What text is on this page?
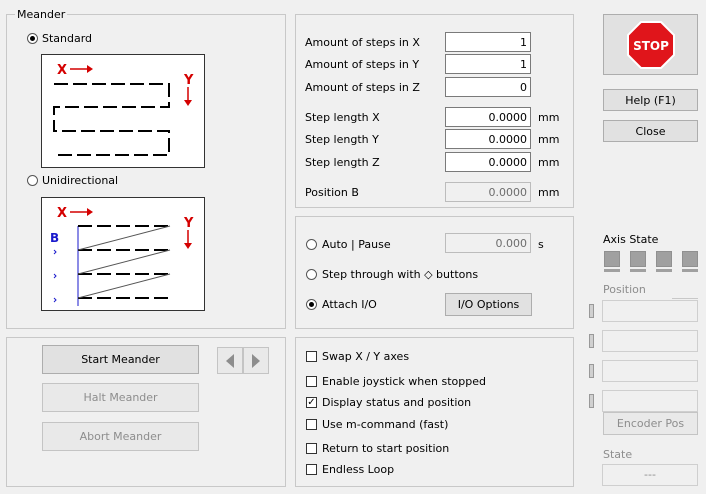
Meander
Standard
X
Y
Unidirectional
X
Y
B
Amount of steps in X	1
Amount of steps in Y	1
Amount of steps in Z	0
Step length X	0.0000	mm
Step length Y	0.0000	mm
Step length Z	0.0000	mm
Position B	0.0000	mm
Auto | Pause	0.000	s
Step through with ◇ buttons
Attach I/O	I/O Options
Start Meander
Halt Meander
Abort Meander
Swap X / Y axes
Enable joystick when stopped
✓ Display status and position
Use m-command (fast)
Return to start position
Endless Loop
STOP
Help (F1)
Close
Axis State
Position
Encoder Pos
State
---
